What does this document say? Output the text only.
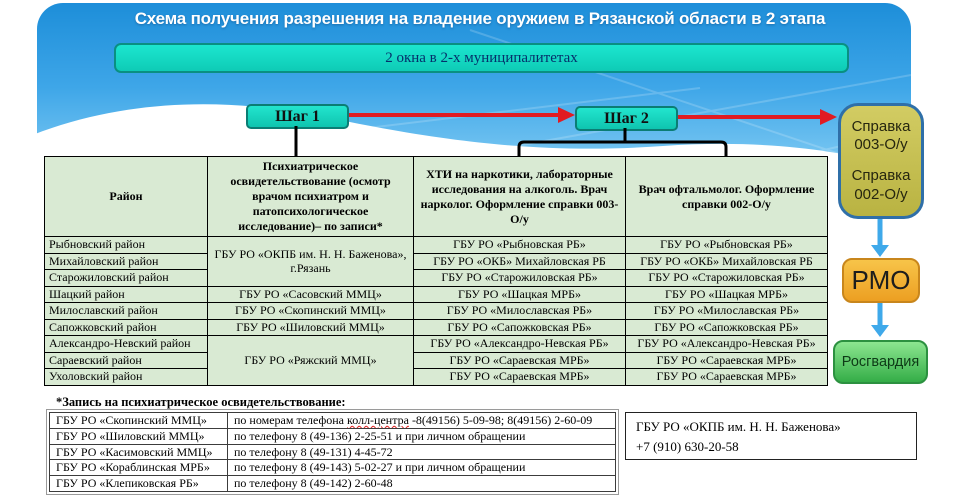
Схема получения разрешения на владение оружием в Рязанской области в 2 этапа
2 окна в 2-х муниципалитетах
Шаг 1	Шаг 2	Справка 003-О/у
Справка 002-О/у
РМО
Росгвардия
Район	Психиатрическое освидетельствование (осмотр врачом психиатром и патопсихологическое исследование)– по записи*	ХТИ на наркотики, лабораторные исследования на алкоголь. Врач нарколог. Оформление справки 003-О/у	Врач офтальмолог. Оформление справки 002-О/у
Рыбновский район	ГБУ РО «ОКПБ им. Н. Н. Баженова», г.Рязань	ГБУ РО «Рыбновская РБ»	ГБУ РО «Рыбновская РБ»
Михайловский район		ГБУ РО «ОКБ» Михайловская РБ	ГБУ РО «ОКБ» Михайловская РБ
Старожиловский район		ГБУ РО «Старожиловская РБ»	ГБУ РО «Старожиловская РБ»
Шацкий район	ГБУ РО «Сасовский ММЦ»	ГБУ РО «Шацкая МРБ»	ГБУ РО «Шацкая МРБ»
Милославский район	ГБУ РО «Скопинский ММЦ»	ГБУ РО «Милославская РБ»	ГБУ РО «Милославская РБ»
Сапожковский район	ГБУ РО «Шиловский ММЦ»	ГБУ РО «Сапожковская РБ»	ГБУ РО «Сапожковская РБ»
Александро-Невский район	ГБУ РО «Ряжский ММЦ»	ГБУ РО «Александро-Невская РБ»	ГБУ РО «Александро-Невская РБ»
Сараевский район		ГБУ РО «Сараевская МРБ»	ГБУ РО «Сараевская МРБ»
Ухоловский район		ГБУ РО «Сараевская МРБ»	ГБУ РО «Сараевская МРБ»
*Запись на психиатрическое освидетельствование:
ГБУ РО «Скопинский ММЦ»	по номерам телефона колл-центра -8(49156) 5-09-98; 8(49156) 2-60-09
ГБУ РО «Шиловский ММЦ»	по телефону 8 (49-136) 2-25-51 и при личном обращении
ГБУ РО «Касимовский ММЦ»	по телефону 8 (49-131) 4-45-72
ГБУ РО «Кораблинская МРБ»	по телефону 8 (49-143) 5-02-27 и при личном обращении
ГБУ РО «Клепиковская РБ»	по телефону 8 (49-142) 2-60-48
ГБУ РО «ОКПБ им. Н. Н. Баженова»
+7 (910) 630-20-58
